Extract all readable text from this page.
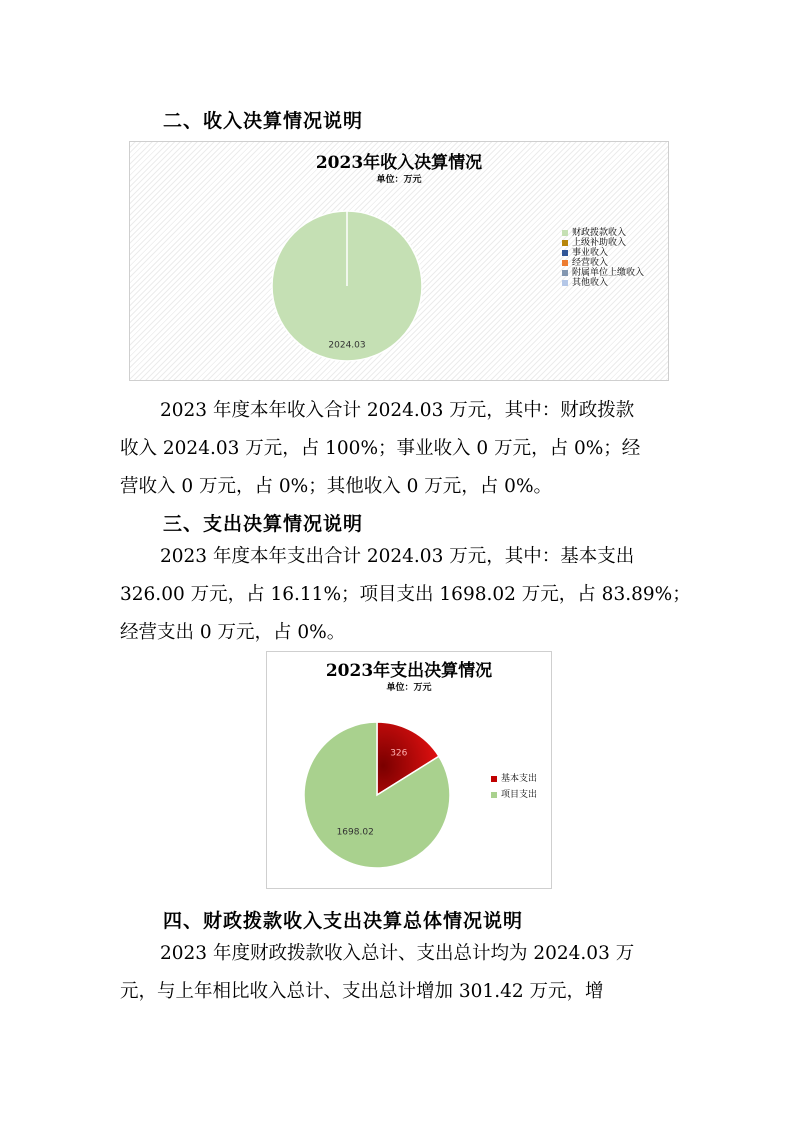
二、收入决算情况说明
2023年收入决算情况
单位：万元
2024.03
财政拨款收入
上级补助收入
事业收入
经营收入
附属单位上缴收入
其他收入
2023 年度本年收入合计 2024.03 万元，其中：财政拨款
收入 2024.03 万元，占 100%；事业收入 0 万元，占 0%；经
营收入 0 万元，占 0%；其他收入 0 万元，占 0%。
三、支出决算情况说明
2023 年度本年支出合计 2024.03 万元，其中：基本支出
326.00 万元，占 16.11%；项目支出 1698.02 万元，占 83.89%；
经营支出 0 万元，占 0%。
2023年支出决算情况
单位：万元
326
1698.02
基本支出
项目支出
四、财政拨款收入支出决算总体情况说明
2023 年度财政拨款收入总计、支出总计均为 2024.03 万
元，与上年相比收入总计、支出总计增加 301.42 万元，增
